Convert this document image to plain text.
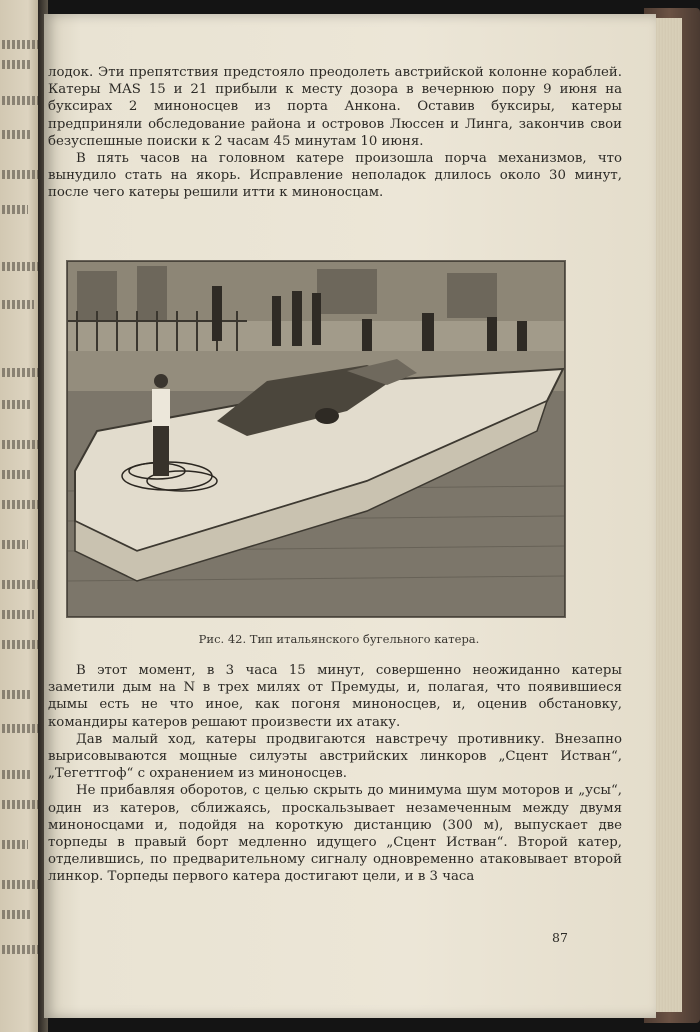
лодок. Эти препятствия предстояло преодолеть австрийской колонне кораблей. Катеры MAS 15 и 21 прибыли к месту дозора в вечернюю пору 9 июня на буксирах 2 миноносцев из порта Анкона. Оставив буксиры, катеры предприняли обследование района и островов Люссен и Линга, закончив свои безуспешные поиски к 2 часам 45 минутам 10 июня.

В пять часов на головном катере произошла порча механизмов, что вынудило стать на якорь. Исправление неполадок длилось около 30 минут, после чего катеры решили итти к миноносцам.

Рис. 42. Тип итальянского бугельного катера.

В этот момент, в 3 часа 15 минут, совершенно неожиданно катеры заметили дым на N в трех милях от Премуды, и, полагая, что появившиеся дымы есть не что иное, как погоня миноносцев, и, оценив обстановку, командиры катеров решают произвести их атаку.

Дав малый ход, катеры продвигаются навстречу противнику. Внезапно вырисовываются мощные силуэты австрийских линкоров „Сцент Истван“, „Тегеттгоф“ с охранением из миноносцев.

Не прибавляя оборотов, с целью скрыть до минимума шум моторов и „усы“, один из катеров, сближаясь, проскальзывает незамеченным между двумя миноносцами и, подойдя на короткую дистанцию (300 м), выпускает две торпеды в правый борт медленно идущего „Сцент Истван“. Второй катер, отделившись, по предварительному сигналу одновременно атаковывает второй линкор. Торпеды первого катера достигают цели, и в 3 часа

87
